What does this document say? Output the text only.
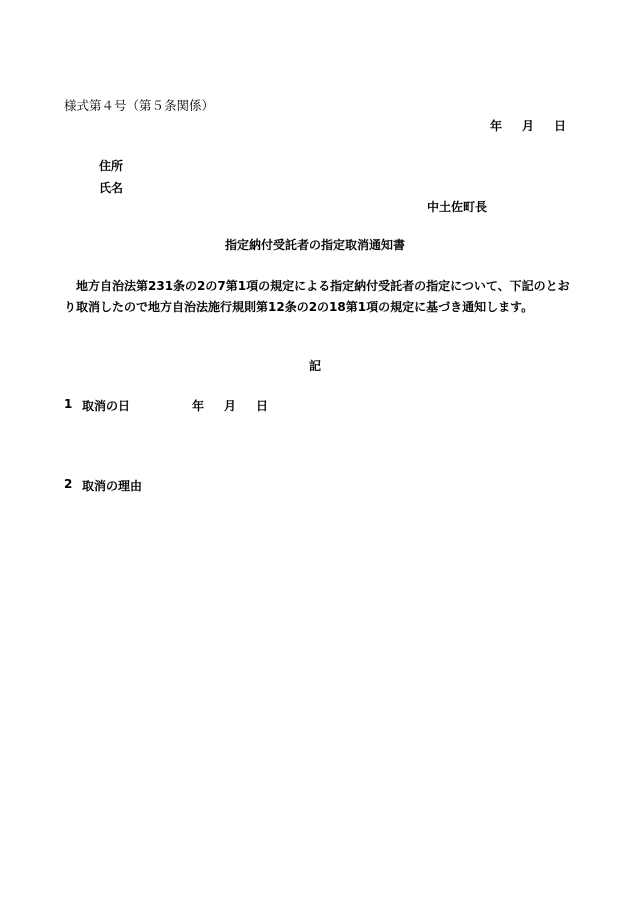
様式第４号（第５条関係）
年 月 日
住所
氏名
中土佐町長
指定納付受託者の指定取消通知書
地方自治法第231条の2の7第1項の規定による指定納付受託者の指定について、下記のとおり取消したので地方自治法施行規則第12条の2の18第1項の規定に基づき通知します。
記
1 取消の日	年 月 日
2 取消の理由
